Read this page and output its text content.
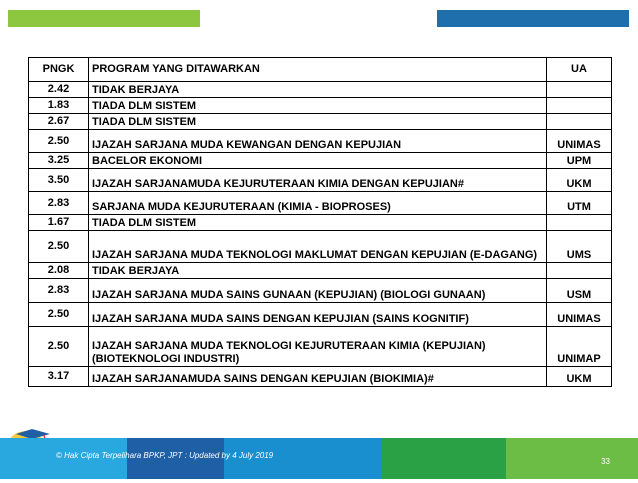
PNGK	PROGRAM YANG DITAWARKAN	UA
2.42	TIDAK BERJAYA	
1.83	TIADA DLM SISTEM	
2.67	TIADA DLM SISTEM	
2.50	IJAZAH SARJANA MUDA KEWANGAN DENGAN KEPUJIAN	UNIMAS
3.25	BACELOR EKONOMI	UPM
3.50	IJAZAH SARJANAMUDA KEJURUTERAAN KIMIA DENGAN KEPUJIAN#	UKM
2.83	SARJANA MUDA KEJURUTERAAN (KIMIA - BIOPROSES)	UTM
1.67	TIADA DLM SISTEM	
2.50	IJAZAH SARJANA MUDA TEKNOLOGI MAKLUMAT DENGAN KEPUJIAN (E-DAGANG)	UMS
2.08	TIDAK BERJAYA	
2.83	IJAZAH SARJANA MUDA SAINS GUNAAN (KEPUJIAN) (BIOLOGI GUNAAN)	USM
2.50	IJAZAH SARJANA MUDA SAINS DENGAN KEPUJIAN (SAINS KOGNITIF)	UNIMAS
2.50	IJAZAH SARJANA MUDA TEKNOLOGI KEJURUTERAAN KIMIA (KEPUJIAN) (BIOTEKNOLOGI INDUSTRI)	UNIMAP
3.17	IJAZAH SARJANAMUDA SAINS DENGAN KEPUJIAN (BIOKIMIA)#	UKM
© Hak Cipta Terpelihara BPKP, JPT : Updated by 4 July 2019
33
